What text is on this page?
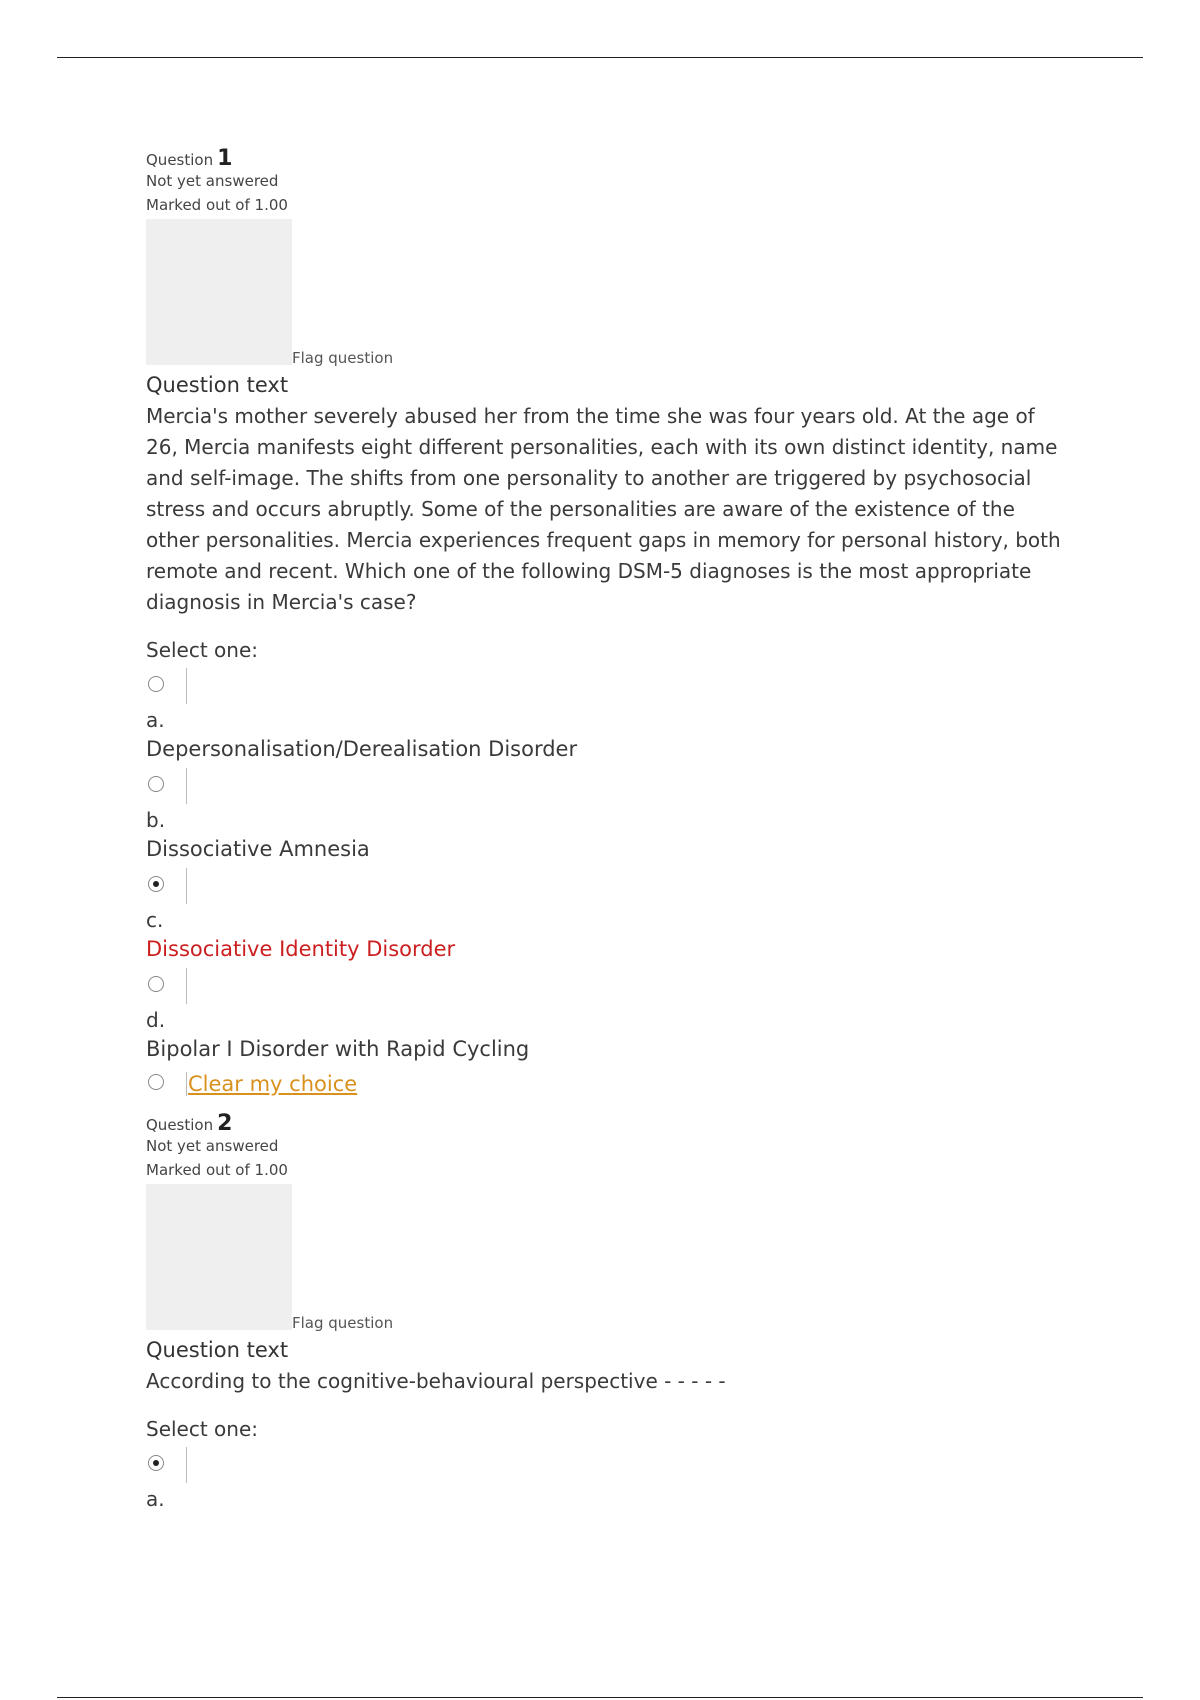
Question 1
Not yet answered
Marked out of 1.00
Flag question
Question text
Mercia's mother severely abused her from the time she was four years old. At the age of 26, Mercia manifests eight different personalities, each with its own distinct identity, name and self-image. The shifts from one personality to another are triggered by psychosocial stress and occurs abruptly. Some of the personalities are aware of the existence of the other personalities. Mercia experiences frequent gaps in memory for personal history, both remote and recent. Which one of the following DSM-5 diagnoses is the most appropriate diagnosis in Mercia's case?
Select one:
a.
Depersonalisation/Derealisation Disorder
b.
Dissociative Amnesia
c.
Dissociative Identity Disorder
d.
Bipolar I Disorder with Rapid Cycling
Clear my choice
Question 2
Not yet answered
Marked out of 1.00
Flag question
Question text
According to the cognitive-behavioural perspective - - - - -
Select one:
a.
